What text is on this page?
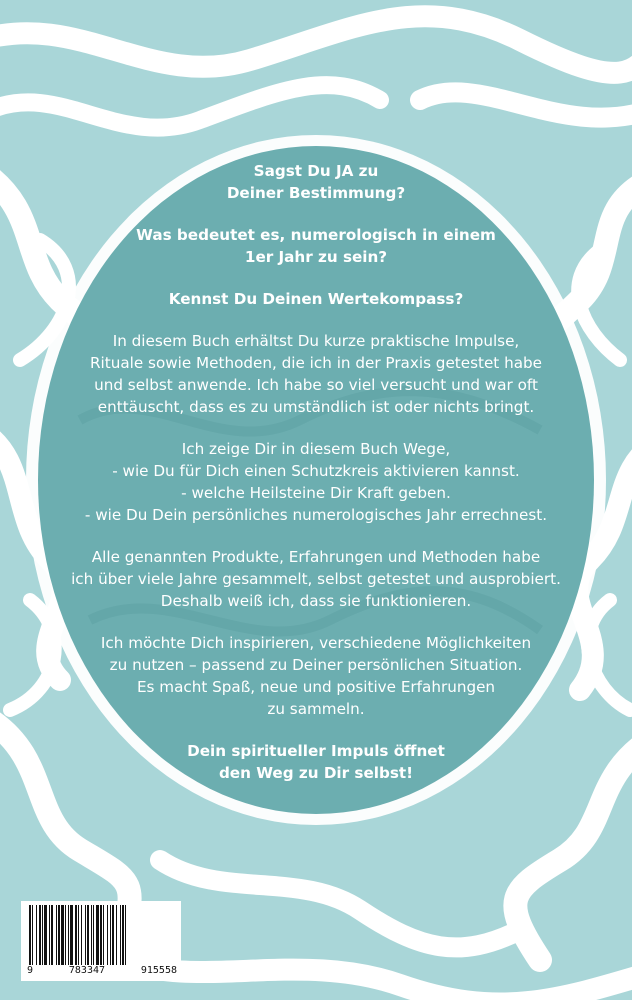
Sagst Du JA zu

Deiner Bestimmung?

Was bedeutet es, numerologisch in einem

1er Jahr zu sein?

Kennst Du Deinen Wertekompass?

In diesem Buch erhältst Du kurze praktische Impulse,

Rituale sowie Methoden, die ich in der Praxis getestet habe

und selbst anwende. Ich habe so viel versucht und war oft

enttäuscht, dass es zu umständlich ist oder nichts bringt.

Ich zeige Dir in diesem Buch Wege,

- wie Du für Dich einen Schutzkreis aktivieren kannst.

- welche Heilsteine Dir Kraft geben.

- wie Du Dein persönliches numerologisches Jahr errechnest.

Alle genannten Produkte, Erfahrungen und Methoden habe

ich über viele Jahre gesammelt, selbst getestet und ausprobiert.

Deshalb weiß ich, dass sie funktionieren.

Ich möchte Dich inspirieren, verschiedene Möglichkeiten

zu nutzen – passend zu Deiner persönlichen Situation.

Es macht Spaß, neue und positive Erfahrungen

zu sammeln.

Dein spiritueller Impuls öffnet

den Weg zu Dir selbst!

9	783347	915558
